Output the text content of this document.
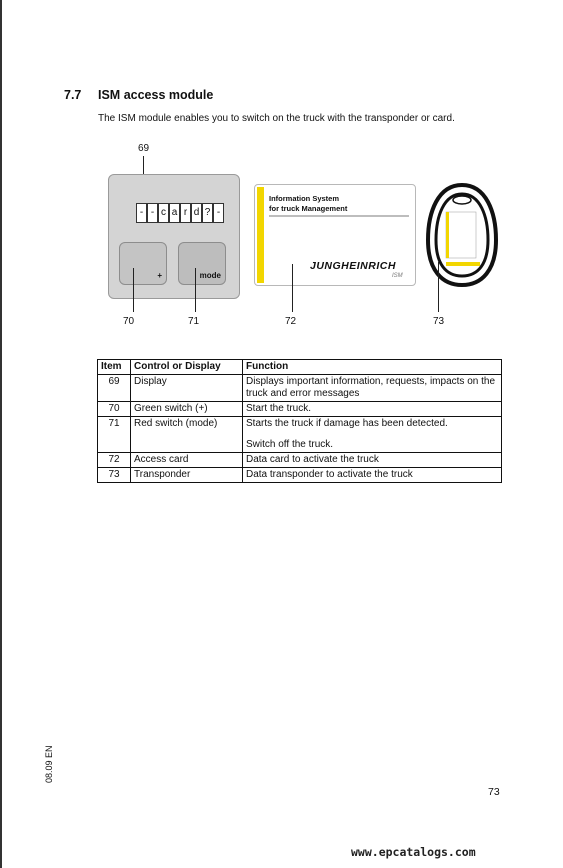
7.7 ISM access module
The ISM module enables you to switch on the truck with the transponder or card.
69
- - c a r d ? -
+	mode
70	71
Information System
for truck Management
JUNGHEINRICH
ISM
72	73
Item	Control or Display	Function
69	Display	Displays important information, requests, impacts on the truck and error messages
70	Green switch (+)	Start the truck.
71	Red switch (mode)	Starts the truck if damage has been detected.
Switch off the truck.

72	Access card	Data card to activate the truck
73	Transponder	Data transponder to activate the truck
08.09 EN
73
www.epcatalogs.com
